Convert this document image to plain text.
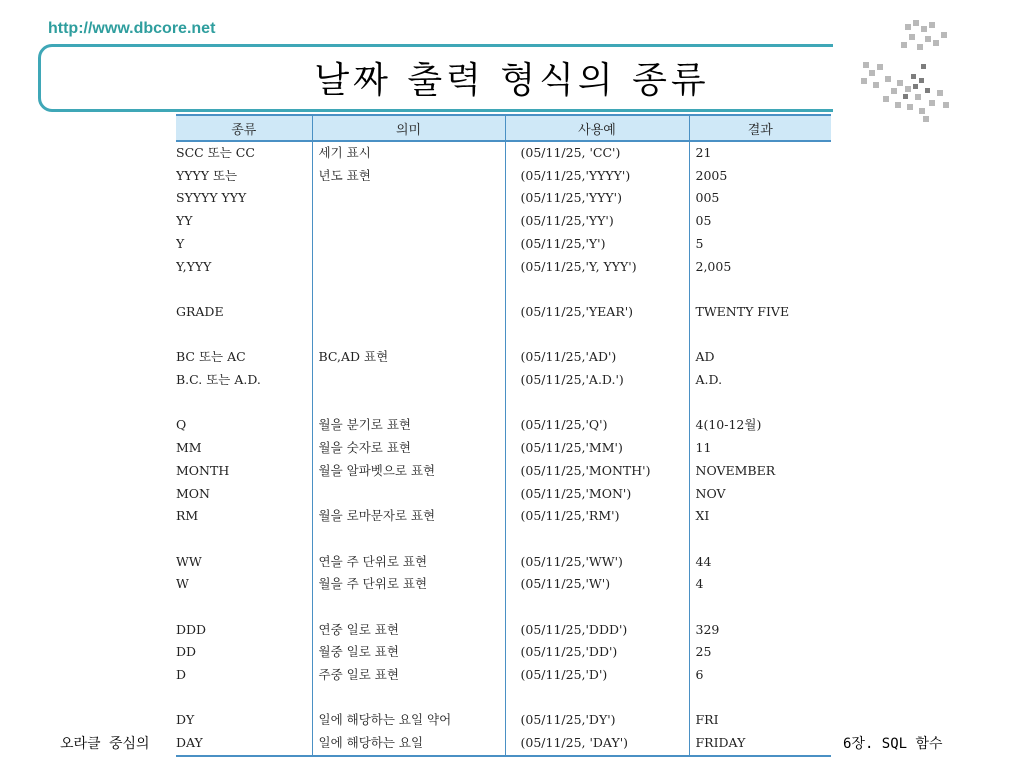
http://www.dbcore.net
날짜 출력 형식의 종류
오라클 중심의
종류	의미	사용예	결과
SCC 또는 CC	세기 표시	(05/11/25, 'CC')	21
YYYY 또는	년도 표현	(05/11/25,'YYYY')	2005
SYYYY YYY		(05/11/25,'YYY')	005
YY		(05/11/25,'YY')	05
Y		(05/11/25,'Y')	5
Y,YYY		(05/11/25,'Y, YYY')	2,005

GRADE		(05/11/25,'YEAR')	TWENTY FIVE

BC 또는 AC	BC,AD 표현	(05/11/25,'AD')	AD
B.C. 또는 A.D.		(05/11/25,'A.D.')	A.D.

Q	월을 분기로 표현	(05/11/25,'Q')	4(10-12월)
MM	월을 숫자로 표현	(05/11/25,'MM')	11
MONTH	월을 알파벳으로 표현	(05/11/25,'MONTH')	NOVEMBER
MON		(05/11/25,'MON')	NOV
RM	월을 로마문자로 표현	(05/11/25,'RM')	XI

WW	연을 주 단위로 표현	(05/11/25,'WW')	44
W	월을 주 단위로 표현	(05/11/25,'W')	4

DDD	연중 일로 표현	(05/11/25,'DDD')	329
DD	월중 일로 표현	(05/11/25,'DD')	25
D	주중 일로 표현	(05/11/25,'D')	6

DY	일에 해당하는 요일 약어	(05/11/25,'DY')	FRI
DAY	일에 해당하는 요일	(05/11/25, 'DAY')	FRIDAY	6장. SQL 함수
